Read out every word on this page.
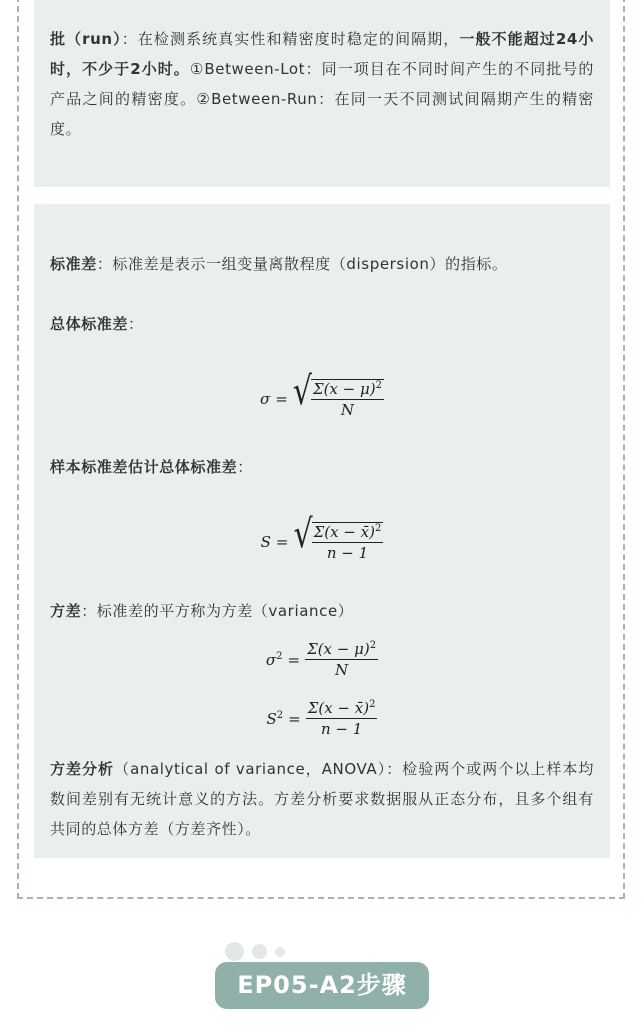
批（run）：在检测系统真实性和精密度时稳定的间隔期，一般不能超过24小时，不少于2小时。①Between-Lot：同一项目在不同时间产生的不同批号的产品之间的精密度。②Between-Run：在同一天不同测试间隔期产生的精密度。

标准差：标准差是表示一组变量离散程度（dispersion）的指标。
总体标准差：
σ = √ $\frac{\Sigma(x - \mu)^2}{N}$
样本标准差估计总体标准差：
S = √ $\frac{\Sigma(x - x̄)^2}{n - 1}$
方差：标准差的平方称为方差（variance）
$\sigma^2 = \frac{\Sigma(x - \mu)^2}{N}$
$S^2 = \frac{\Sigma(x - x̄)^2}{n - 1}$

方差分析（analytical of variance，ANOVA）：检验两个或两个以上样本均数间差别有无统计意义的方法。方差分析要求数据服从正态分布，且多个组有共同的总体方差（方差齐性）。

EP05-A2步骤
